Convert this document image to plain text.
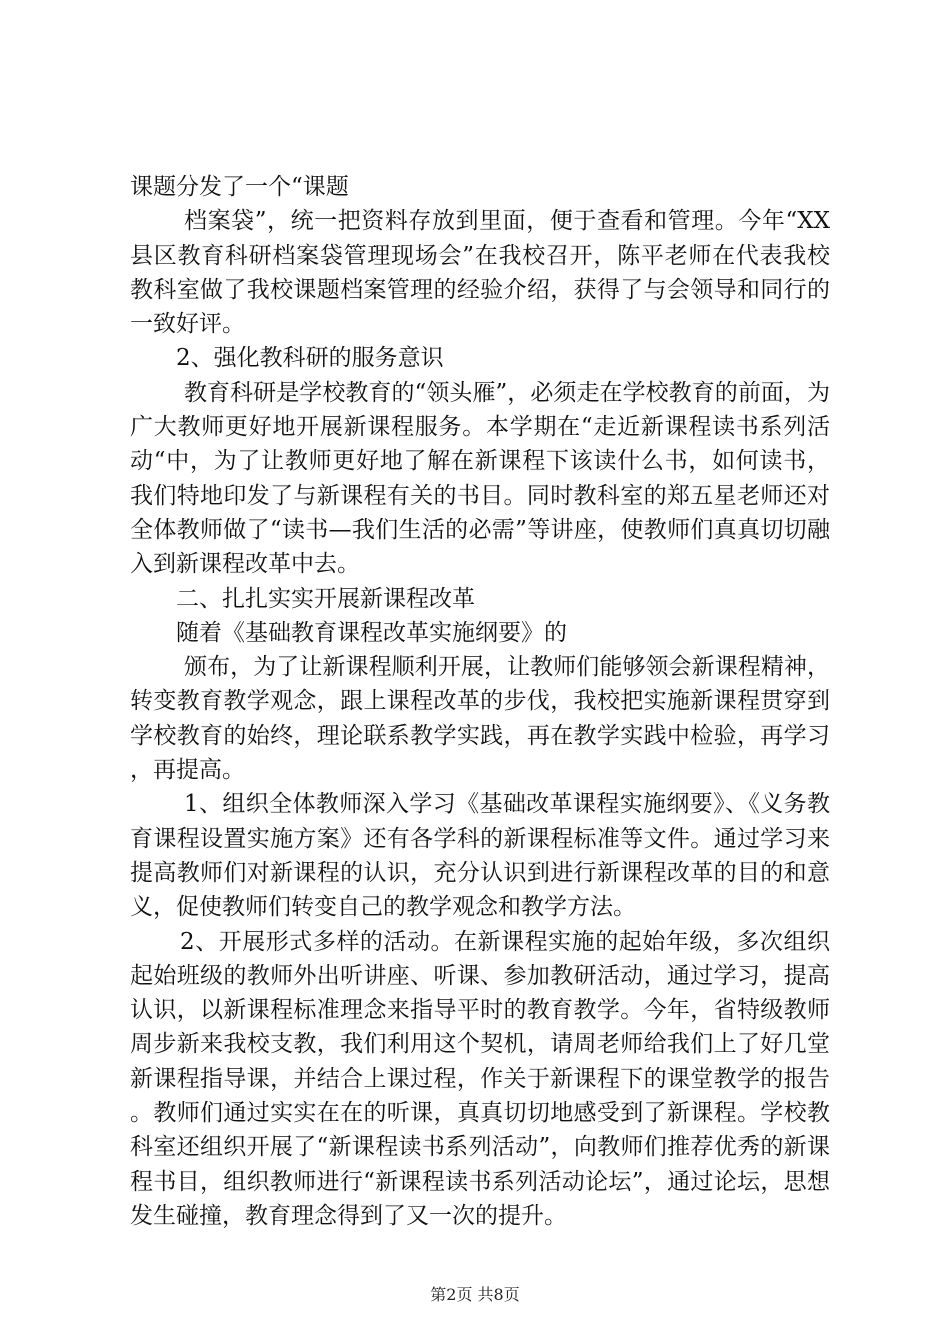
课题分发了一个“课题

档案袋”，统一把资料存放到里面，便于查看和管理。今年“XX县区教育科研档案袋管理现场会”在我校召开，陈平老师在代表我校教科室做了我校课题档案管理的经验介绍，获得了与会领导和同行的一致好评。

2、强化教科研的服务意识

教育科研是学校教育的“领头雁”，必须走在学校教育的前面，为广大教师更好地开展新课程服务。本学期在“走近新课程读书系列活动“中，为了让教师更好地了解在新课程下该读什么书，如何读书，我们特地印发了与新课程有关的书目。同时教科室的郑五星老师还对全体教师做了“读书—我们生活的必需”等讲座，使教师们真真切切融入到新课程改革中去。

二、扎扎实实开展新课程改革

随着《基础教育课程改革实施纲要》的

颁布，为了让新课程顺利开展，让教师们能够领会新课程精神，转变教育教学观念，跟上课程改革的步伐，我校把实施新课程贯穿到学校教育的始终，理论联系教学实践，再在教学实践中检验，再学习，再提高。

1、组织全体教师深入学习《基础改革课程实施纲要》、《义务教育课程设置实施方案》还有各学科的新课程标准等文件。通过学习来提高教师们对新课程的认识，充分认识到进行新课程改革的目的和意义，促使教师们转变自己的教学观念和教学方法。

2、开展形式多样的活动。在新课程实施的起始年级，多次组织起始班级的教师外出听讲座、听课、参加教研活动，通过学习，提高认识，以新课程标准理念来指导平时的教育教学。今年，省特级教师周步新来我校支教，我们利用这个契机，请周老师给我们上了好几堂新课程指导课，并结合上课过程，作关于新课程下的课堂教学的报告。教师们通过实实在在的听课，真真切切地感受到了新课程。学校教科室还组织开展了“新课程读书系列活动”，向教师们推荐优秀的新课程书目，组织教师进行“新课程读书系列活动论坛”，通过论坛，思想发生碰撞，教育理念得到了又一次的提升。

第2页 共8页
